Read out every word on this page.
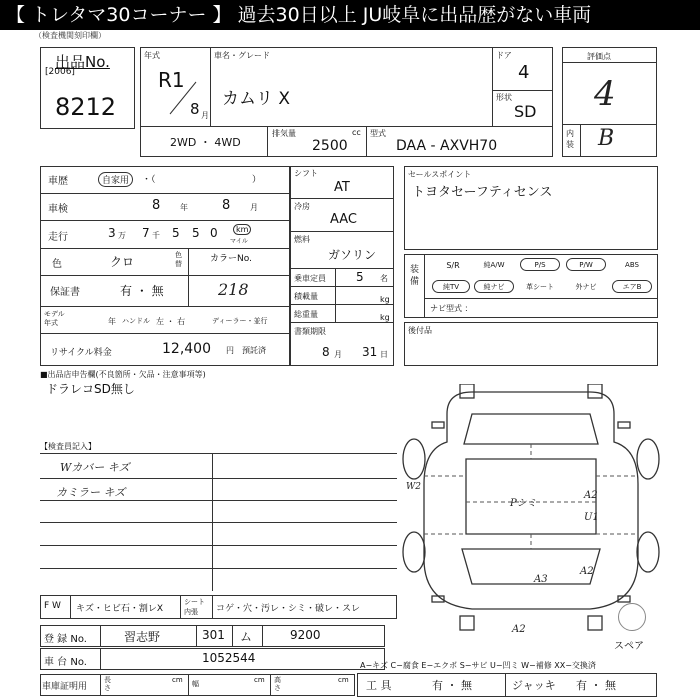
【 トレタマ30コーナー 】 過去30日以上 JU岐阜に出品歴がない車両
（検査機関刻印欄）
出品No.
[2006]
8212
年式
R1
8 月
車名・グレード
カムリ X
ドア
4
形状
SD
2WD ・ 4WD
排気量	cc
2500
型式
DAA - AXVH70
評価点
4
内装 B
車歴	自家用	・（	）
車検	8 年	8 月
走行	3 万 7 千 5 5 0	km
マイル
色	クロ	色替	カラーNo.
218
保証書	有 ・ 無
モデル年式	年 ハンドル 左 ・ 右	ディーラー・並行
リサイクル料金	12,400 円 預託済
シフト
AT
冷房
AAC
燃料
ガソリン
乗車定員	5 名
積載量	kg
総重量	kg
書類期限
8 月 31 日
セールスポイント
トヨタセーフティセンス
装備
S/R	純A/W	P/S	P/W	ABS
純TV	純ナビ	革シート	外ナビ	エアB
ナビ型式 ：
後付品
■出品店申告欄(不良箇所・欠品・注意事項等)
ドラレコSD無し
【検査員記入】
Wカバー キズ
カミラー キズ
Pシミ
A2
U1
A3
A2
A2
W2
スペア
F W キズ・ヒビ石・割レX
シート
内張 コゲ・穴・汚レ・シミ・破レ・スレ
登 録 No.	習志野	301 ム	9200
車 台 No.	1052544
車庫証明用
長さ
cm 幅	cm 高さ
cm
A−キズ C−腐食 E−エクボ S−サビ U−凹ミ W−補修 XX−交換済
工 具	有 ・ 無	ジャッキ 有 ・ 無
